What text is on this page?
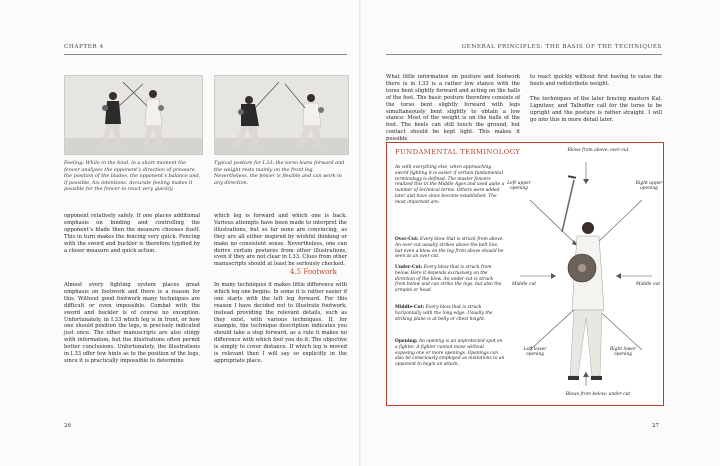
CHAPTER 4
Feeling: While in the bind, in a short moment the fencer analyzes the opponent’s direction of pressure, the position of the blades, the opponent’s balance and, if possible, his intentions. Accurate feeling makes it possible for the fencer to react very quickly.
Typical posture for I.33: the torso leans forward and the weight rests mainly on the front leg. Nevertheless, the fencer is flexible and can work in any direction.

opponent relatively safely. If one places additional emphasis on binding and controlling the opponent’s blade then the measure chooses itself. This in turn makes the fencing very quick. Fencing with the sword and buckler is therefore typified by a closer measure and quick action.

Almost every fighting system places great emphasis on footwork and there is a reason for this. Without good footwork many techniques are difficult or even impossible. Combat with the sword and buckler is of course no exception. Unfortunately, in I.33 which leg is in front, or how one should position the legs, is precisely indicated just once. The other manuscripts are also stingy with information, but the illustrations often permit better conclusions. Unfortunately, the illustrations in I.33 offer few hints as to the position of the legs, since it is practically impossible to determine

which leg is forward and which one is back. Various attempts have been made to interpret the illustrations, but so far none are convincing, as they are all either inspired by wishful thinking or make no consistent sense. Nevertheless, one can derive certain postures from other illustrations, even if they are not clear in I.33. Clues from other manuscripts should at least be seriously checked.

4.5 Footwork

In many techniques it makes little difference with which leg one begins. In some it is rather easier if one starts with the left leg forward. For this reason I have decided not to illustrate footwork, instead providing the relevant details, such as they exist, with various techniques. If, for example, the technique description indicates you should take a step forward, as a rule it makes no difference with which foot you do it. The objective is simply to cover distance. If which leg is moved is relevant then I will say so explicitly in the appropriate place.

26
GENERAL PRINCIPLES: THE BASIS OF THE TECHNIQUES

What little information on posture and footwork there is in I.33 is a rather low stance with the torso bent slightly forward and acting on the balls of the feet. The basic posture therefore consists of the torso bent slightly forward with legs simultaneously bent slightly to obtain a low stance: Most of the weight is on the balls of the feet. The heels can still touch the ground, but contact should be kept light. This makes it possible

to react quickly without first having to raise the heels and redistribute weight.

The techniques of the later fencing masters Kal, Lignitzer, and Talhoffer call for the torso to be upright and the posture is rather straight. I will go into this in more detail later.

27
FUNDAMENTAL TERMINOLOGY

As with everything else, when approaching sword fighting it is easier if certain fundamental terminology is defined. The master fencers realized this in the Middle Ages and used quite a number of technical terms. Others were added later and have since become established. The most important are:

Over-Cut: Every blow that is struck from above. An over-cut usually strikes above the belt line, but even a blow on the leg from above should be seen as an over-cut.

Under-Cut: Every blow that is struck from below. Here it depends exclusively on the direction of the blow. An under-cut is struck from below and can strike the legs, but also the armpits or head.

Middle-Cut: Every blow that is struck horizontally with the long edge. Usually the striking plane is at belly or chest height.

Opening: An opening is an unprotected spot on a fighter. A fighter cannot move without exposing one or more openings. Openings can also be consciously employed as invitations to an opponent to begin an attack.

Blows from above: over-cut
Left upper opening
Right upper opening
Middle cut	Middle cut
Left lower opening
Right lower opening
Blows from below: under-cut
